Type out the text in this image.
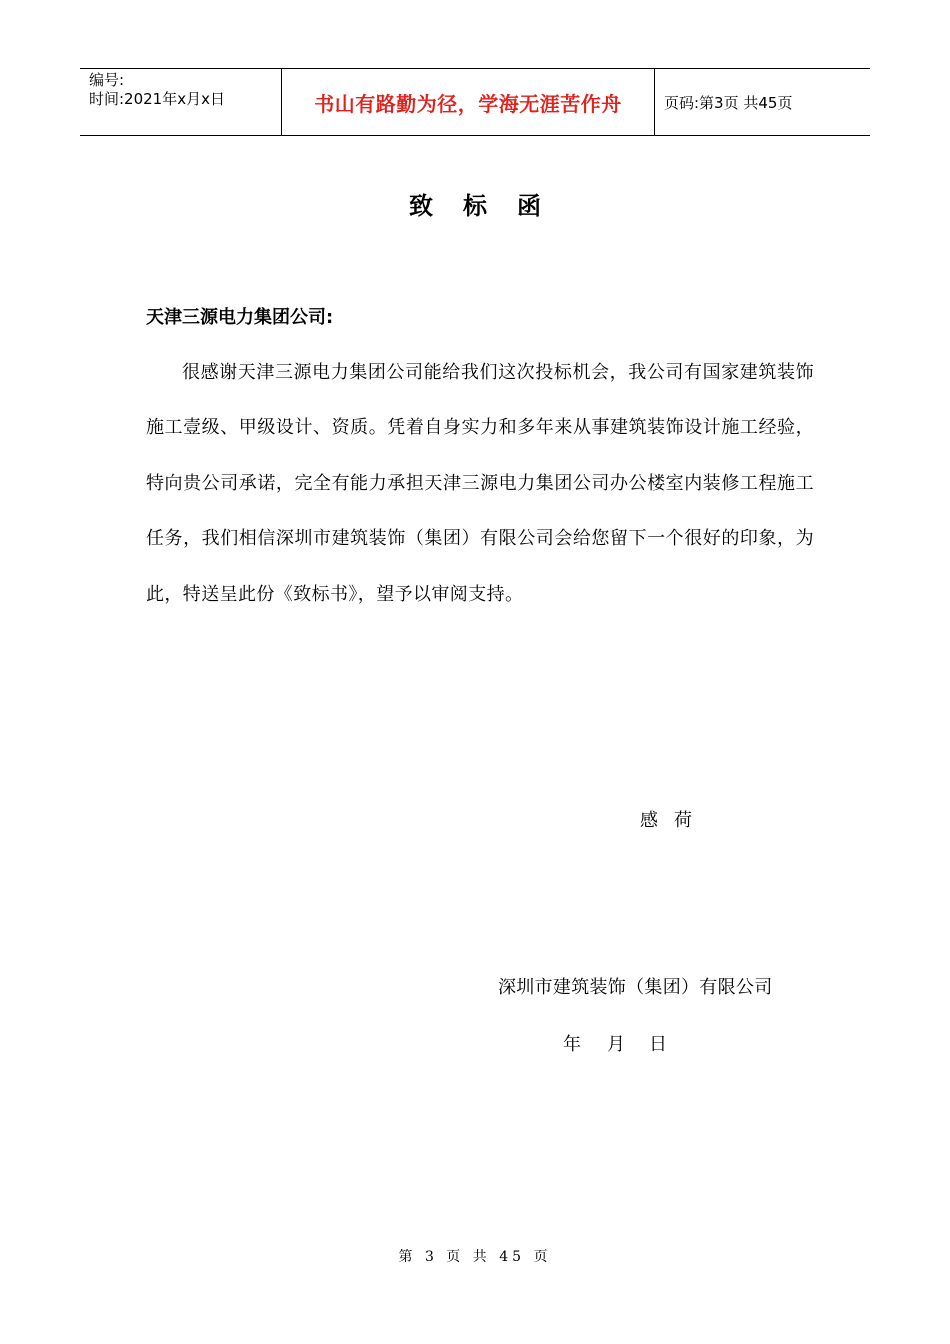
编号:
时间:2021年x月x日	书山有路勤为径，学海无涯苦作舟	页码:第3页 共45页
致标函
天津三源电力集团公司:
很感谢天津三源电力集团公司能给我们这次投标机会，我公司有国家建筑装饰施工壹级、甲级设计、资质。凭着自身实力和多年来从事建筑装饰设计施工经验，特向贵公司承诺，完全有能力承担天津三源电力集团公司办公楼室内装修工程施工任务，我们相信深圳市建筑装饰（集团）有限公司会给您留下一个很好的印象，为此，特送呈此份《致标书》，望予以审阅支持。
感荷
深圳市建筑装饰（集团）有限公司
年 月 日
第 3 页 共 45 页
